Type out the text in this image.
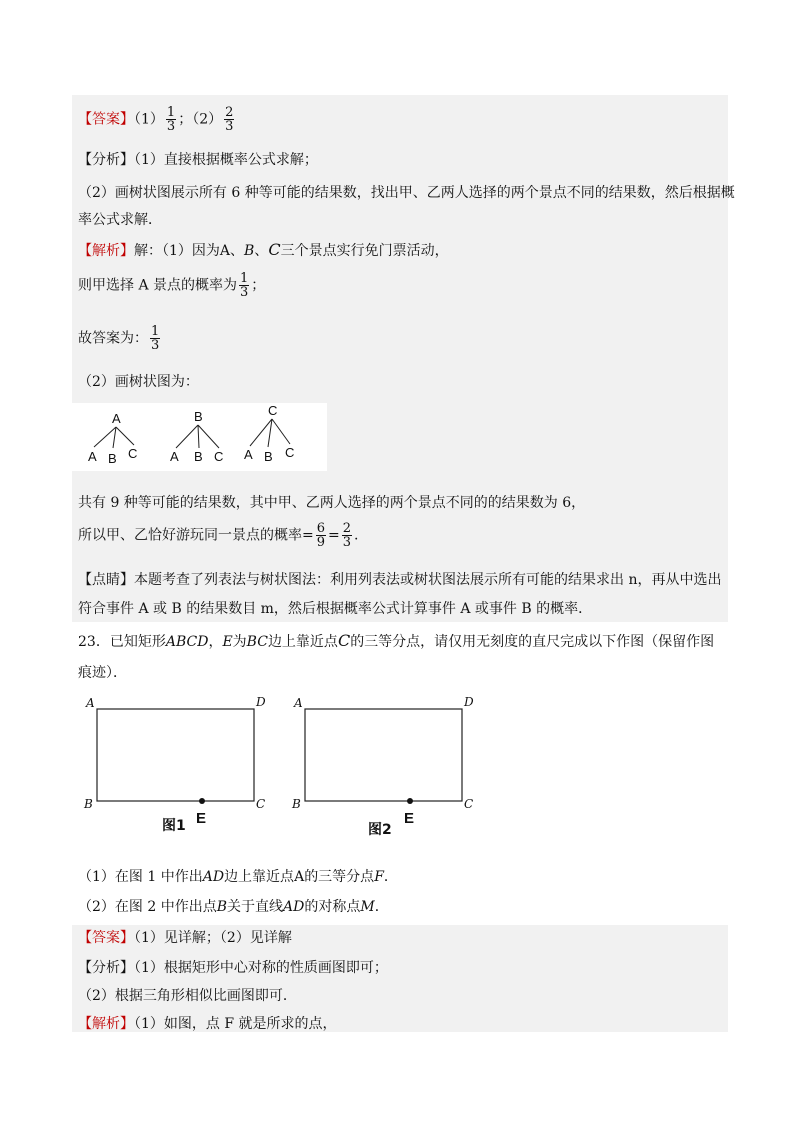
【答案】$(1) \frac{1}{3}$ ；$(2) \frac{2}{3}$
【分析】（1）直接根据概率公式求解；
（2）画树状图展示所有 6 种等可能的结果数，找出甲、乙两人选择的两个景点不同的结果数，然后根据概
率公式求解．
【解析】解：（1）因为A、B、C三个景点实行免门票活动，
则甲选择 A 景点的概率为 $\frac{1}{3}$ ；
故答案为： $\frac{1}{3}$
（2）画树状图为：
A
A B C
B
A B C
C
A B C
共有 9 种等可能的结果数，其中甲、乙两人选择的两个景点不同的的结果数为 6，
所以甲、乙恰好游玩同一景点的概率= $\frac{6}{9} = \frac{2}{3}$ .
【点睛】本题考查了列表法与树状图法：利用列表法或树状图法展示所有可能的结果求出 n，再从中选出
符合事件 A 或 B 的结果数目 m，然后根据概率公式计算事件 A 或事件 B 的概率．
23．已知矩形ABCD，E为BC边上靠近点C的三等分点，请仅用无刻度的直尺完成以下作图（保留作图
痕迹）．
A	D
B	C
E
图1
A	D
B	C
E
图2
（1）在图 1 中作出AD边上靠近点A的三等分点F．
（2）在图 2 中作出点B关于直线AD的对称点M．
【答案】（1）见详解；（2）见详解
【分析】（1）根据矩形中心对称的性质画图即可；
（2）根据三角形相似比画图即可．
【解析】（1）如图，点 F 就是所求的点，
